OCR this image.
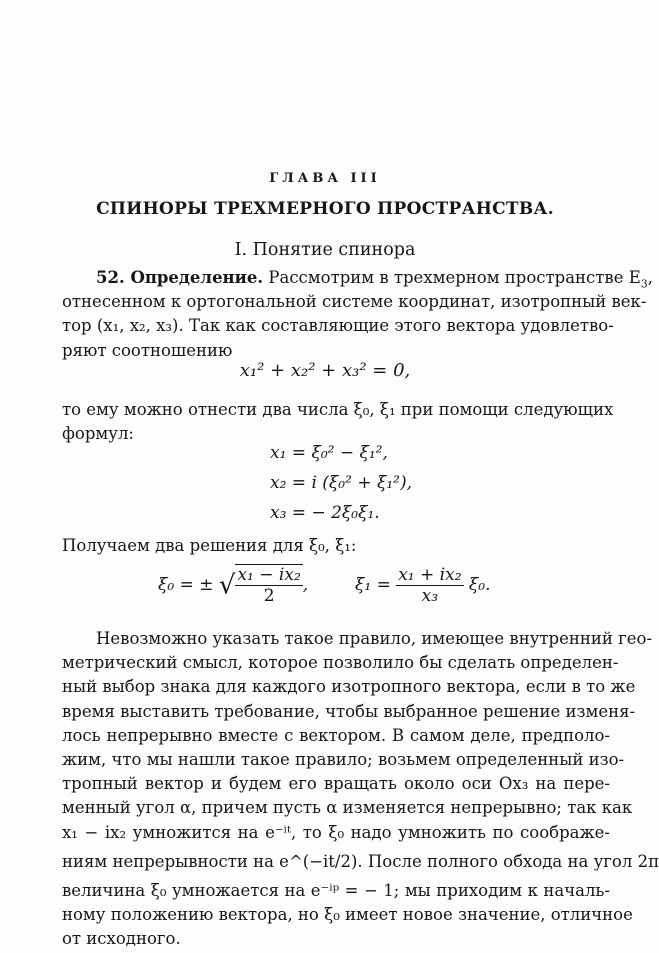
ГЛАВА III
СПИНОРЫ ТРЕХМЕРНОГО ПРОСТРАНСТВА.
I. Понятие спинора
52. Определение. Рассмотрим в трехмерном пространстве $E_3$,
отнесенном к ортогональной системе координат, изотропный век-
тор (x₁, x₂, x₃). Так как составляющие этого вектора удовлетво-
ряют соотношению
x₁² + x₂² + x₃² = 0,
то ему можно отнести два числа ξ₀, ξ₁ при помощи следующих
формул:
x₁ = ξ₀² − ξ₁²,
x₂ = i (ξ₀² + ξ₁²),
x₃ = − 2ξ₀ξ₁.
Получаем два решения для ξ₀, ξ₁:
ξ₀ = ± √ $\frac{\text{x₁ − ix₂}}{2}$ ,	$\xi_1 = \frac{\text{x₁ + ix₂}}{\text{x₃}} \xi_0$.
Невозможно указать такое правило, имеющее внутренний гео-
метрический смысл, которое позволило бы сделать определен-
ный выбор знака для каждого изотропного вектора, если в то же
время выставить требование, чтобы выбранное решение изменя-
лось непрерывно вместе с вектором. В самом деле, предполо-
жим, что мы нашли такое правило; возьмем определенный изо-
тропный вектор и будем его вращать около оси Ox₃ на пере-
менный угол α, причем пусть α изменяется непрерывно; так как
x₁ − ix₂ умножится на e⁻ⁱᵗ, то ξ₀ надо умножить по соображе-
ниям непрерывности на e^(−it/2). После полного обхода на угол 2π
величина ξ₀ умножается на e⁻ⁱᵖ = − 1; мы приходим к началь-
ному положению вектора, но ξ₀ имеет новое значение, отличное
от исходного.
